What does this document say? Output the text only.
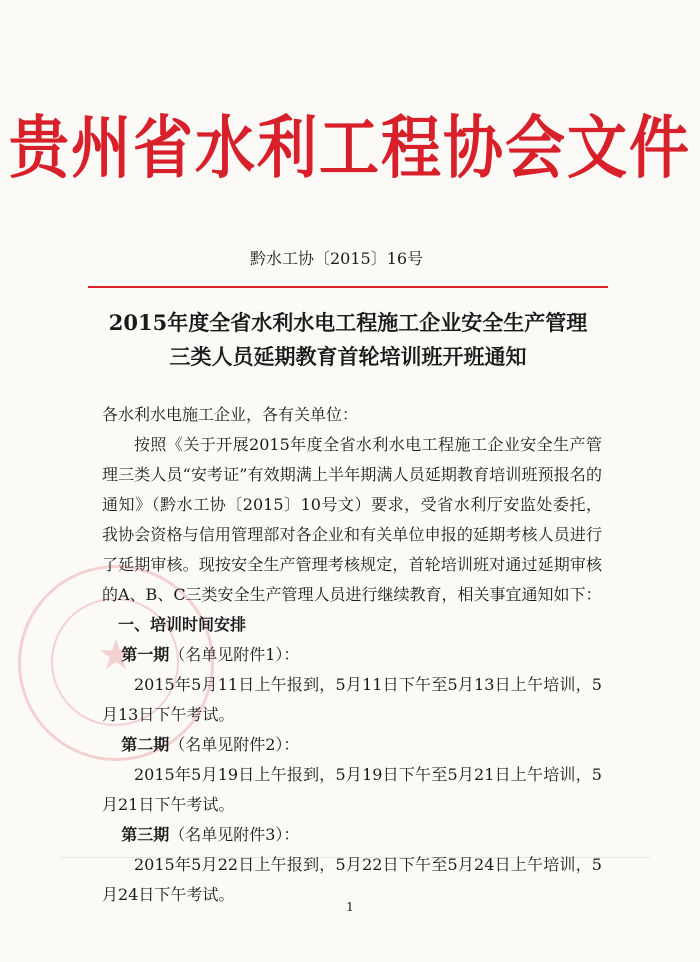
★
贵州省水利工程协会文件
黔水工协〔2015〕16号
2015年度全省水利水电工程施工企业安全生产管理
三类人员延期教育首轮培训班开班通知

各水利水电施工企业，各有关单位：

按照《关于开展2015年度全省水利水电工程施工企业安全生产管理三类人员“安考证”有效期满上半年期满人员延期教育培训班预报名的通知》（黔水工协〔2015〕10号文）要求，受省水利厅安监处委托，我协会资格与信用管理部对各企业和有关单位申报的延期考核人员进行了延期审核。现按安全生产管理考核规定，首轮培训班对通过延期审核的A、B、C三类安全生产管理人员进行继续教育，相关事宜通知如下：

一、培训时间安排

第一期（名单见附件1）：

2015年5月11日上午报到，5月11日下午至5月13日上午培训，5月13日下午考试。

第二期（名单见附件2）：

2015年5月19日上午报到，5月19日下午至5月21日上午培训，5月21日下午考试。

第三期（名单见附件3）：

2015年5月22日上午报到，5月22日下午至5月24日上午培训，5月24日下午考试。

1
